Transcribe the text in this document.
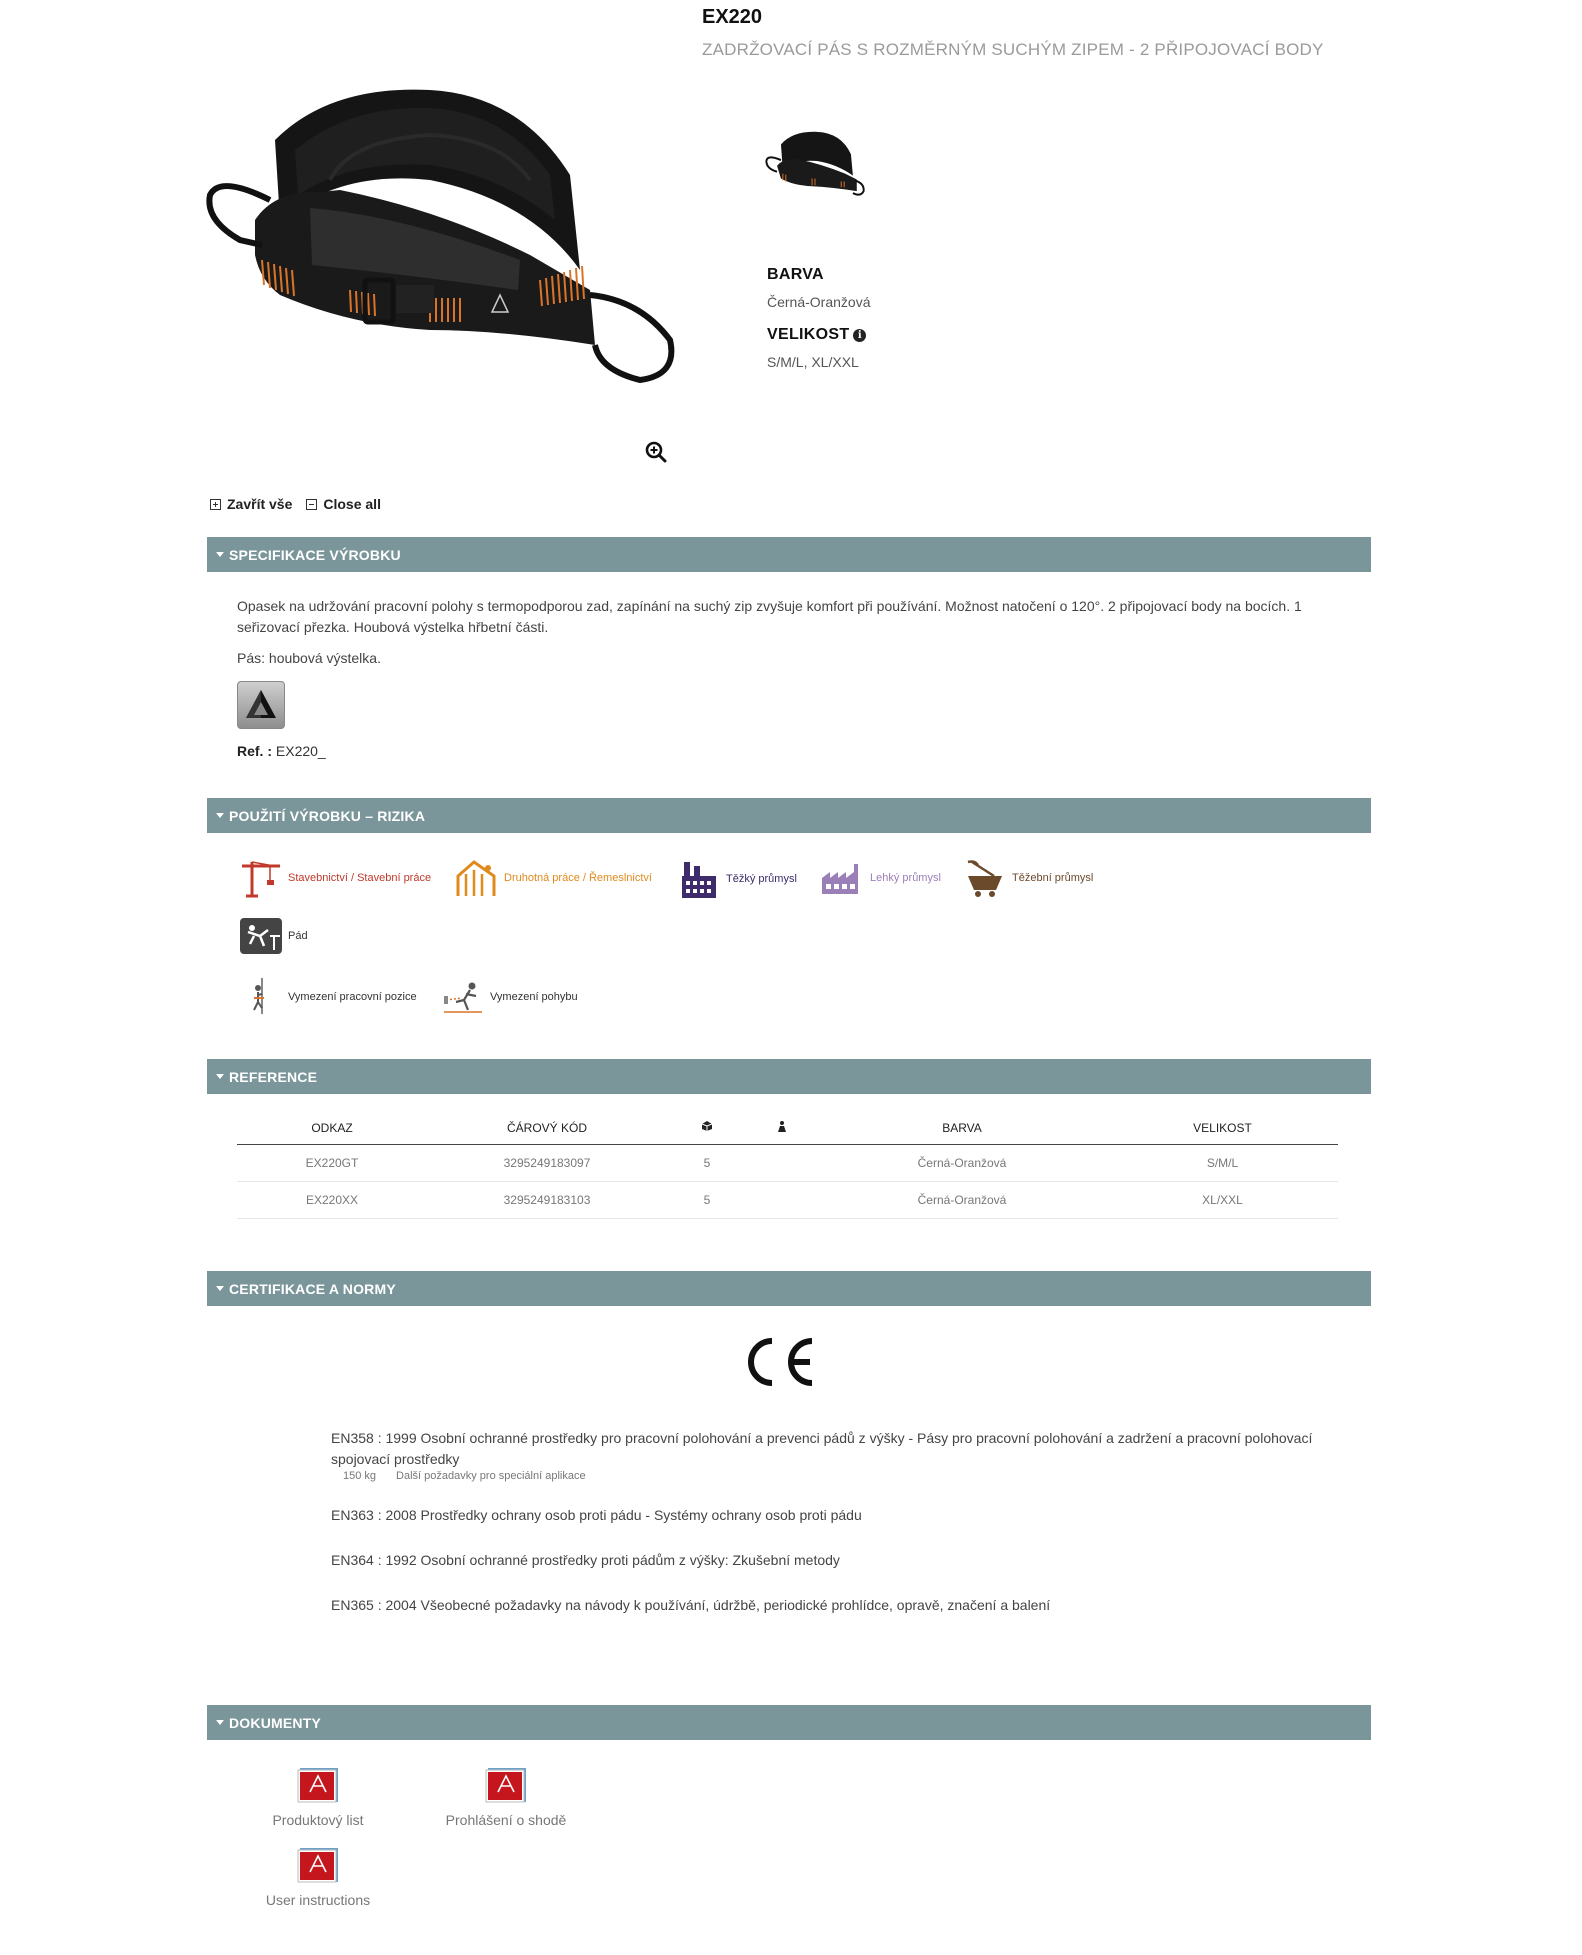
EX220
ZADRŽOVACÍ PÁS S ROZMĚRNÝM SUCHÝM ZIPEM - 2 PŘIPOJOVACÍ BODY
BARVA
Černá-Oranžová
VELIKOST i
S/M/L, XL/XXL
Zavřít vše Close all
SPECIFIKACE VÝROBKU
Opasek na udržování pracovní polohy s termopodporou zad, zapínání na suchý zip zvyšuje komfort při používání. Možnost natočení o 120°. 2 připojovací body na bocích. 1 seřizovací přezka. Houbová výstelka hřbetní části.
Pás: houbová výstelka.
Ref. : EX220_
POUŽITÍ VÝROBKU – RIZIKA
Stavebnictví / Stavební práce	Druhotná práce / Řemeslnictví	Těžký průmysl	Lehký průmysl	Těžební průmysl
Pád
Vymezení pracovní pozice	Vymezení pohybu
REFERENCE
ODKAZ	ČÁROVÝ KÓD			BARVA	VELIKOST
EX220GT	3295249183097	5		Černá-Oranžová	S/M/L
EX220XX	3295249183103	5		Černá-Oranžová	XL/XXL
CERTIFIKACE A NORMY
EN358 : 1999 Osobní ochranné prostředky pro pracovní polohování a prevenci pádů z výšky - Pásy pro pracovní polohování a zadržení a pracovní polohovací spojovací prostředky
150 kg Další požadavky pro speciální aplikace
EN363 : 2008 Prostředky ochrany osob proti pádu - Systémy ochrany osob proti pádu
EN364 : 1992 Osobní ochranné prostředky proti pádům z výšky: Zkušební metody
EN365 : 2004 Všeobecné požadavky na návody k používání, údržbě, periodické prohlídce, opravě, značení a balení
DOKUMENTY
Produktový list	Prohlášení o shodě
User instructions
